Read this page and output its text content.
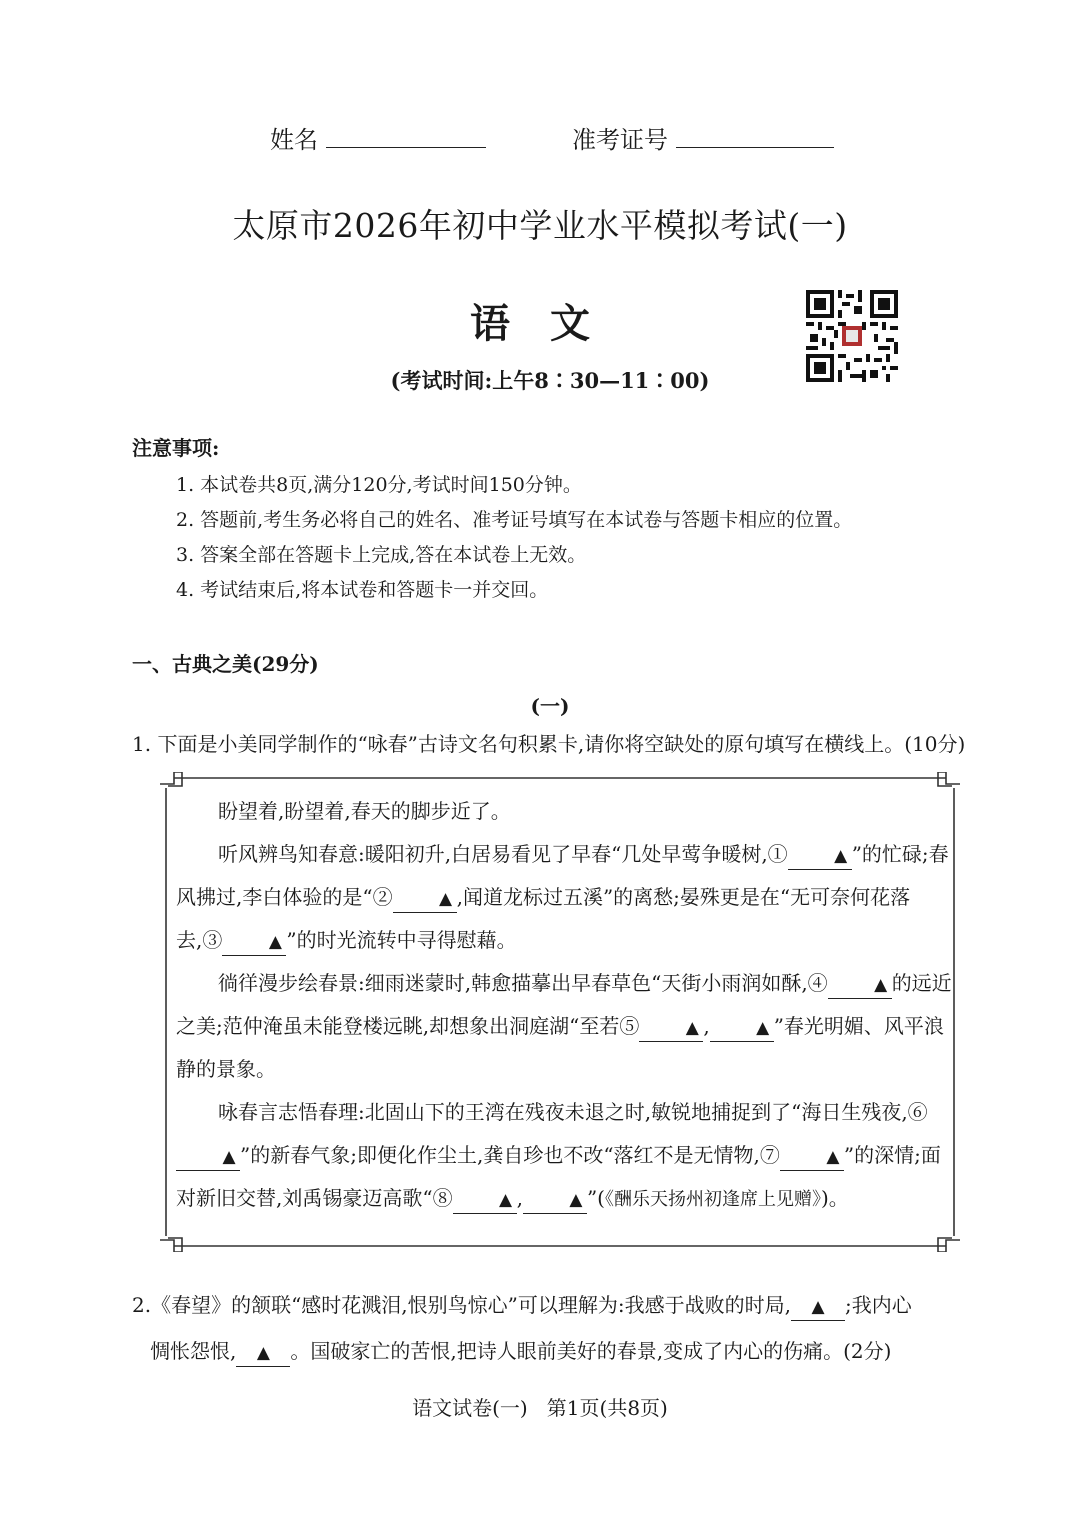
姓名	准考证号
太原市2026年初中学业水平模拟考试(一)
语文
(考试时间:上午8∶30—11∶00)
注意事项:
1. 本试卷共8页,满分120分,考试时间150分钟。
2. 答题前,考生务必将自己的姓名、准考证号填写在本试卷与答题卡相应的位置。
3. 答案全部在答题卡上完成,答在本试卷上无效。
4. 考试结束后,将本试卷和答题卡一并交回。
一、古典之美(29分)
(一)
1. 下面是小美同学制作的“咏春”古诗文名句积累卡,请你将空缺处的原句填写在横线上。(10分)

盼望着,盼望着,春天的脚步近了。

听风辨鸟知春意:暖阳初升,白居易看见了早春“几处早莺争暖树,①	▲ ”的忙碌;春风拂过,李白体验的是“②	▲ ,闻道龙标过五溪”的离愁;晏殊更是在“无可奈何花落去,③	▲ ”的时光流转中寻得慰藉。

徜徉漫步绘春景:细雨迷蒙时,韩愈描摹出早春草色“天街小雨润如酥,④	▲ 的远近之美;范仲淹虽未能登楼远眺,却想象出洞庭湖“至若⑤	▲ ,	▲ ”春光明媚、风平浪静的景象。

咏春言志悟春理:北固山下的王湾在残夜未退之时,敏锐地捕捉到了“海日生残夜,⑥▲ ”的新春气象;即便化作尘土,龚自珍也不改“落红不是无情物,⑦	▲ ”的深情;面对新旧交替,刘禹锡豪迈高歌“⑧	▲ ,	▲ ”(《酬乐天扬州初逢席上见赠》)。

2.《春望》的颔联“感时花溅泪,恨别鸟惊心”可以理解为:我感于战败的时局, ▲ ;我内心
惆怅怨恨, ▲ 。国破家亡的苦恨,把诗人眼前美好的春景,变成了内心的伤痛。(2分)
语文试卷(一)   第1页(共8页)
